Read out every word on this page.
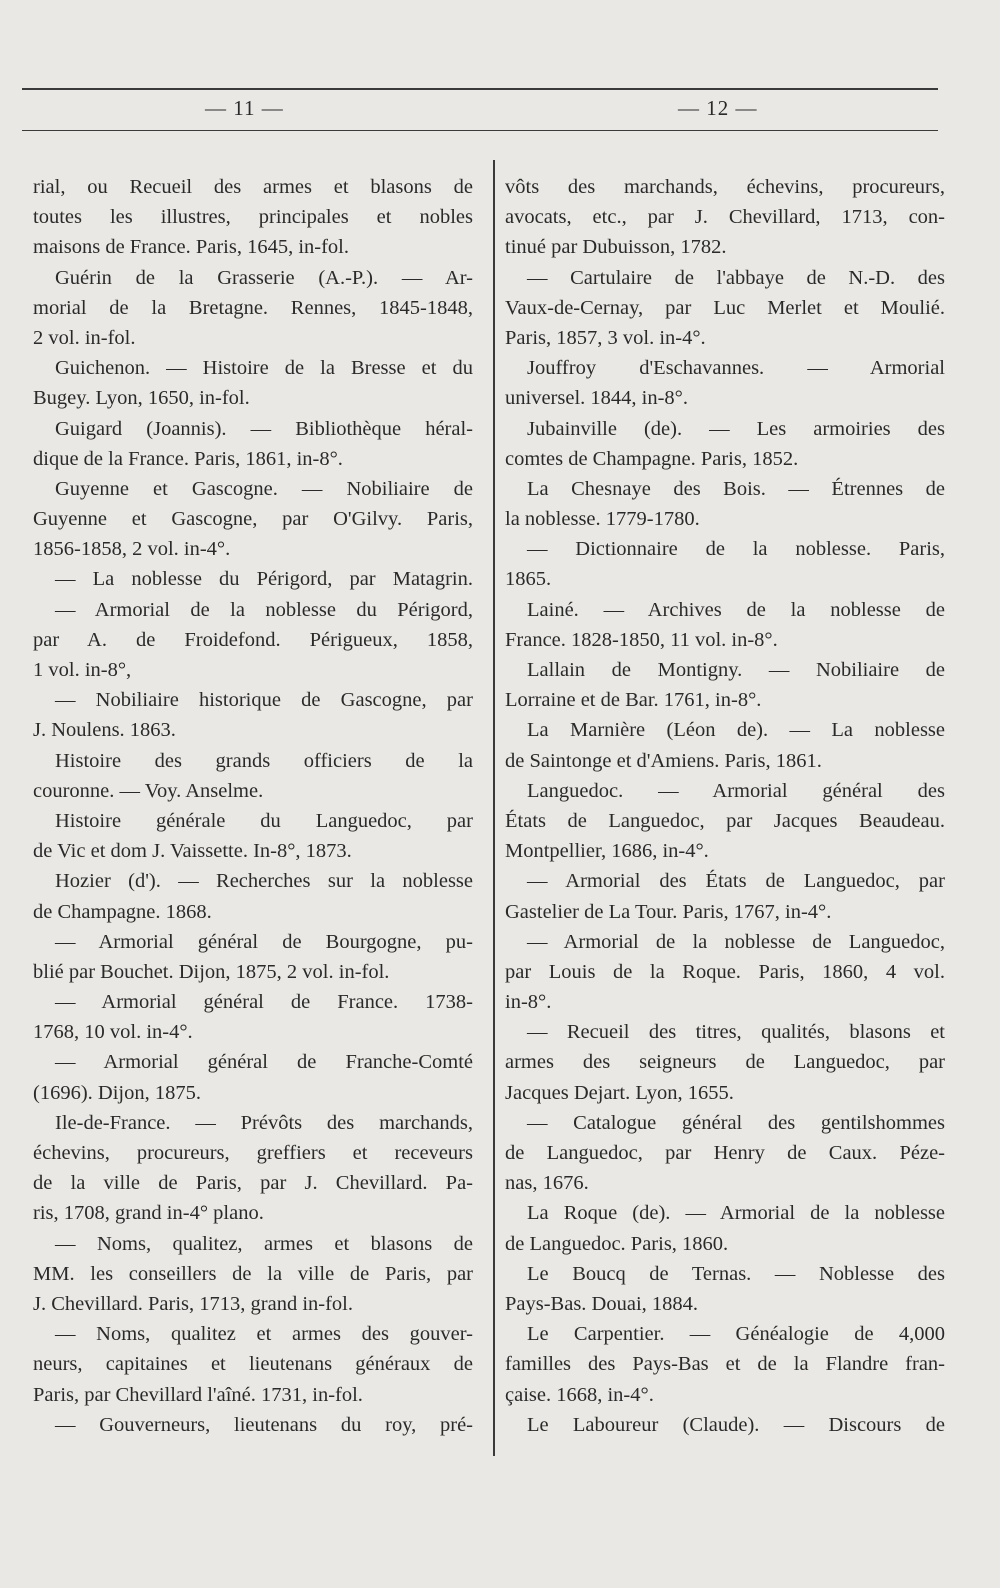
— 11 —	— 12 —
rial, ou Recueil des armes et blasons de
toutes les illustres, principales et nobles
maisons de France. Paris, 1645, in-fol.
Guérin de la Grasserie (A.-P.). — Ar-
morial de la Bretagne. Rennes, 1845-1848,
2 vol. in-fol.
Guichenon. — Histoire de la Bresse et du
Bugey. Lyon, 1650, in-fol.
Guigard (Joannis). — Bibliothèque héral-
dique de la France. Paris, 1861, in-8°.
Guyenne et Gascogne. — Nobiliaire de
Guyenne et Gascogne, par O'Gilvy. Paris,
1856-1858, 2 vol. in-4°.
— La noblesse du Périgord, par Matagrin.
— Armorial de la noblesse du Périgord,
par A. de Froidefond. Périgueux, 1858,
1 vol. in-8°,
— Nobiliaire historique de Gascogne, par
J. Noulens. 1863.
Histoire des grands officiers de la
couronne. — Voy. Anselme.
Histoire générale du Languedoc, par
de Vic et dom J. Vaissette. In-8°, 1873.
Hozier (d'). — Recherches sur la noblesse
de Champagne. 1868.
— Armorial général de Bourgogne, pu-
blié par Bouchet. Dijon, 1875, 2 vol. in-fol.
— Armorial général de France. 1738-
1768, 10 vol. in-4°.
— Armorial général de Franche-Comté
(1696). Dijon, 1875.
Ile-de-France. — Prévôts des marchands,
échevins, procureurs, greffiers et receveurs
de la ville de Paris, par J. Chevillard. Pa-
ris, 1708, grand in-4° plano.
— Noms, qualitez, armes et blasons de
MM. les conseillers de la ville de Paris, par
J. Chevillard. Paris, 1713, grand in-fol.
— Noms, qualitez et armes des gouver-
neurs, capitaines et lieutenans généraux de
Paris, par Chevillard l'aîné. 1731, in-fol.
— Gouverneurs, lieutenans du roy, pré-
vôts des marchands, échevins, procureurs,
avocats, etc., par J. Chevillard, 1713, con-
tinué par Dubuisson, 1782.
— Cartulaire de l'abbaye de N.-D. des
Vaux-de-Cernay, par Luc Merlet et Moulié.
Paris, 1857, 3 vol. in-4°.
Jouffroy d'Eschavannes. — Armorial
universel. 1844, in-8°.
Jubainville (de). — Les armoiries des
comtes de Champagne. Paris, 1852.
La Chesnaye des Bois. — Étrennes de
la noblesse. 1779-1780.
— Dictionnaire de la noblesse. Paris,
1865.
Lainé. — Archives de la noblesse de
France. 1828-1850, 11 vol. in-8°.
Lallain de Montigny. — Nobiliaire de
Lorraine et de Bar. 1761, in-8°.
La Marnière (Léon de). — La noblesse
de Saintonge et d'Amiens. Paris, 1861.
Languedoc. — Armorial général des
États de Languedoc, par Jacques Beaudeau.
Montpellier, 1686, in-4°.
— Armorial des États de Languedoc, par
Gastelier de La Tour. Paris, 1767, in-4°.
— Armorial de la noblesse de Languedoc,
par Louis de la Roque. Paris, 1860, 4 vol.
in-8°.
— Recueil des titres, qualités, blasons et
armes des seigneurs de Languedoc, par
Jacques Dejart. Lyon, 1655.
— Catalogue général des gentilshommes
de Languedoc, par Henry de Caux. Péze-
nas, 1676.
La Roque (de). — Armorial de la noblesse
de Languedoc. Paris, 1860.
Le Boucq de Ternas. — Noblesse des
Pays-Bas. Douai, 1884.
Le Carpentier. — Généalogie de 4,000
familles des Pays-Bas et de la Flandre fran-
çaise. 1668, in-4°.
Le Laboureur (Claude). — Discours de
